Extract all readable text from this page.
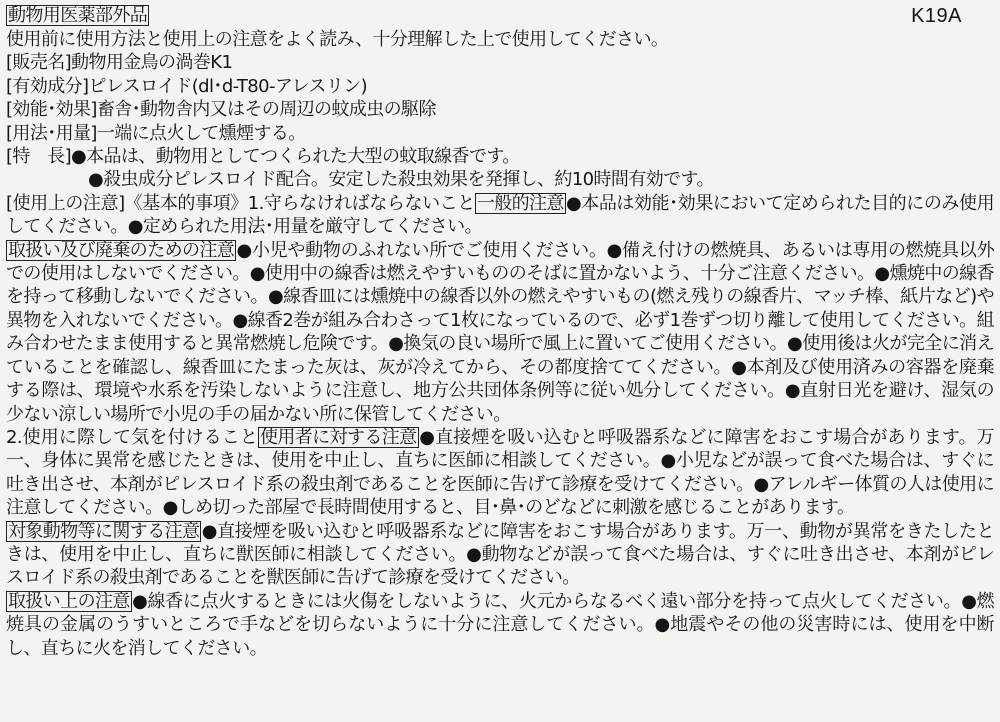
動物用医薬部外品	K19A
使用前に使用方法と使用上の注意をよく読み、十分理解した上で使用してください。
[販売名]動物用金鳥の渦巻K1
[有効成分]ピレスロイド(dl･d-T80-アレスリン)
[効能･効果]畜舎･動物舎内又はその周辺の蚊成虫の駆除
[用法･用量]一端に点火して燻煙する。
[特　長]●本品は、動物用としてつくられた大型の蚊取線香です。
●殺虫成分ピレスロイド配合。安定した殺虫効果を発揮し、約10時間有効です。
[使用上の注意]《基本的事項》1.守らなければならないこと 一般的注意 ●本品は効能･効果において定められた目的にのみ使用してください。●定められた用法･用量を厳守してください。
取扱い及び廃棄のための注意 ●小児や動物のふれない所でご使用ください。●備え付けの燃焼具、あるいは専用の燃焼具以外での使用はしないでください。●使用中の線香は燃えやすいもののそばに置かないよう、十分ご注意ください。●燻焼中の線香を持って移動しないでください。●線香皿には燻焼中の線香以外の燃えやすいもの(燃え残りの線香片、マッチ棒、紙片など)や異物を入れないでください。●線香2巻が組み合わさって1枚になっているので、必ず1巻ずつ切り離して使用してください。組み合わせたまま使用すると異常燃焼し危険です。●換気の良い場所で風上に置いてご使用ください。●使用後は火が完全に消えていることを確認し、線香皿にたまった灰は、灰が冷えてから、その都度捨ててください。●本剤及び使用済みの容器を廃棄する際は、環境や水系を汚染しないように注意し、地方公共団体条例等に従い処分してください。●直射日光を避け、湿気の少ない涼しい場所で小児の手の届かない所に保管してください。
2.使用に際して気を付けること 使用者に対する注意 ●直接煙を吸い込むと呼吸器系などに障害をおこす場合があります。万一、身体に異常を感じたときは、使用を中止し、直ちに医師に相談してください。●小児などが誤って食べた場合は、すぐに吐き出させ、本剤がピレスロイド系の殺虫剤であることを医師に告げて診療を受けてください。●アレルギー体質の人は使用に注意してください。●しめ切った部屋で長時間使用すると、目･鼻･のどなどに刺激を感じることがあります。
対象動物等に関する注意 ●直接煙を吸い込むと呼吸器系などに障害をおこす場合があります。万一、動物が異常をきたしたときは、使用を中止し、直ちに獣医師に相談してください。●動物などが誤って食べた場合は、すぐに吐き出させ、本剤がピレスロイド系の殺虫剤であることを獣医師に告げて診療を受けてください。
取扱い上の注意 ●線香に点火するときには火傷をしないように、火元からなるべく遠い部分を持って点火してください。●燃焼具の金属のうすいところで手などを切らないように十分に注意してください。●地震やその他の災害時には、使用を中断し、直ちに火を消してください。
